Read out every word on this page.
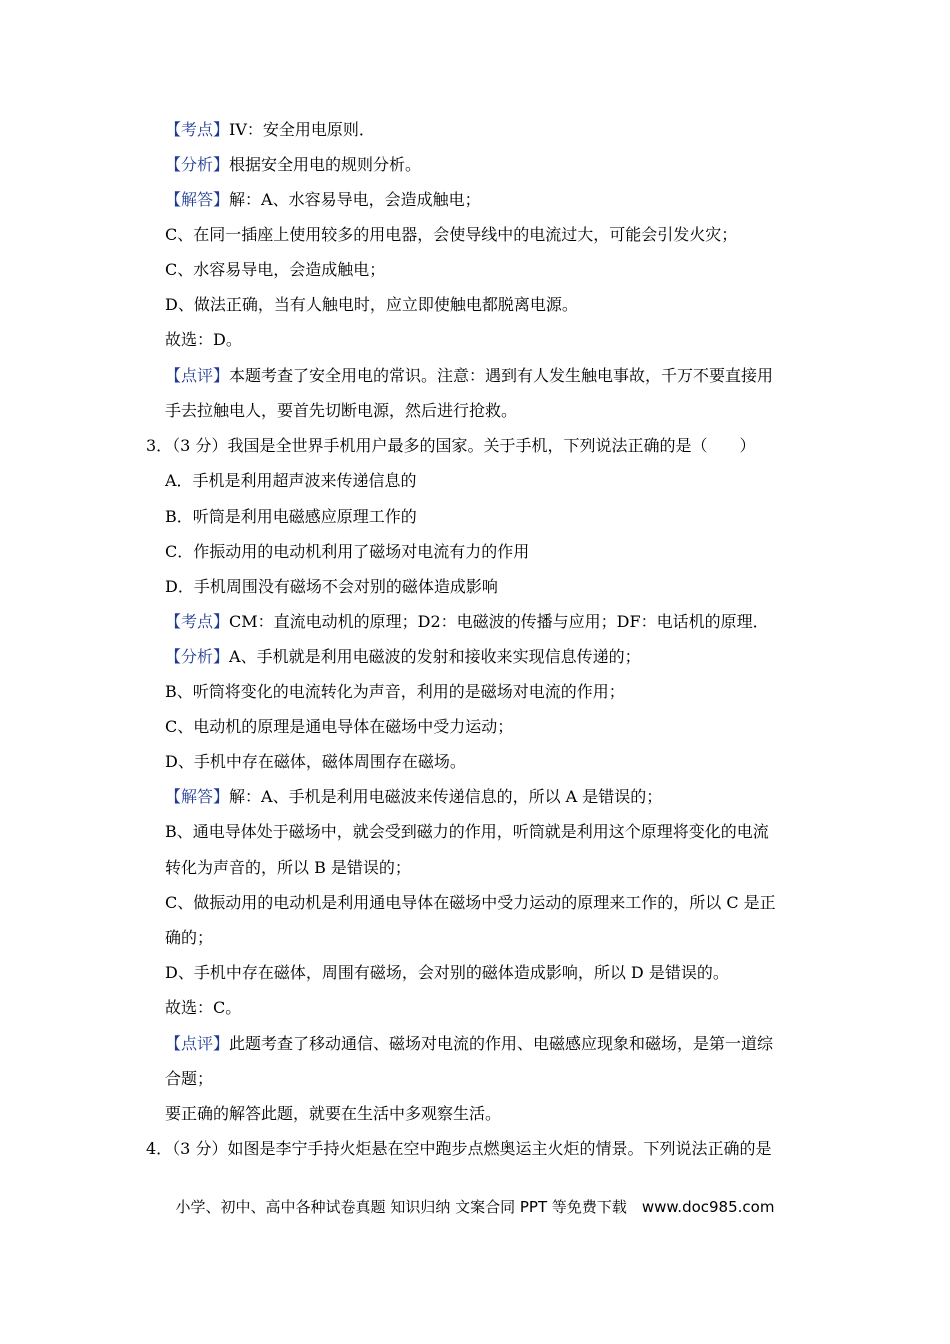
【考点】IV：安全用电原则．
【分析】根据安全用电的规则分析。
【解答】解：A、水容易导电，会造成触电；
C、在同一插座上使用较多的用电器，会使导线中的电流过大，可能会引发火灾；
C、水容易导电，会造成触电；
D、做法正确，当有人触电时，应立即使触电都脱离电源。
故选：D。
【点评】本题考查了安全用电的常识。注意：遇到有人发生触电事故，千万不要直接用
手去拉触电人，要首先切断电源，然后进行抢救。
3．（3 分）我国是全世界手机用户最多的国家。关于手机，下列说法正确的是（　　）
A．手机是利用超声波来传递信息的
B．听筒是利用电磁感应原理工作的
C．作振动用的电动机利用了磁场对电流有力的作用
D．手机周围没有磁场不会对别的磁体造成影响
【考点】CM：直流电动机的原理；D2：电磁波的传播与应用；DF：电话机的原理．
【分析】A、手机就是利用电磁波的发射和接收来实现信息传递的；
B、听筒将变化的电流转化为声音，利用的是磁场对电流的作用；
C、电动机的原理是通电导体在磁场中受力运动；
D、手机中存在磁体，磁体周围存在磁场。
【解答】解：A、手机是利用电磁波来传递信息的，所以 A 是错误的；
B、通电导体处于磁场中，就会受到磁力的作用，听筒就是利用这个原理将变化的电流
转化为声音的，所以 B 是错误的；
C、做振动用的电动机是利用通电导体在磁场中受力运动的原理来工作的，所以 C 是正
确的；
D、手机中存在磁体，周围有磁场，会对别的磁体造成影响，所以 D 是错误的。
故选：C。
【点评】此题考查了移动通信、磁场对电流的作用、电磁感应现象和磁场，是第一道综
合题；
要正确的解答此题，就要在生活中多观察生活。
4．（3 分）如图是李宁手持火炬悬在空中跑步点燃奥运主火炬的情景。下列说法正确的是
小学、初中、高中各种试卷真题 知识归纳 文案合同 PPT 等免费下载　www.doc985.com
